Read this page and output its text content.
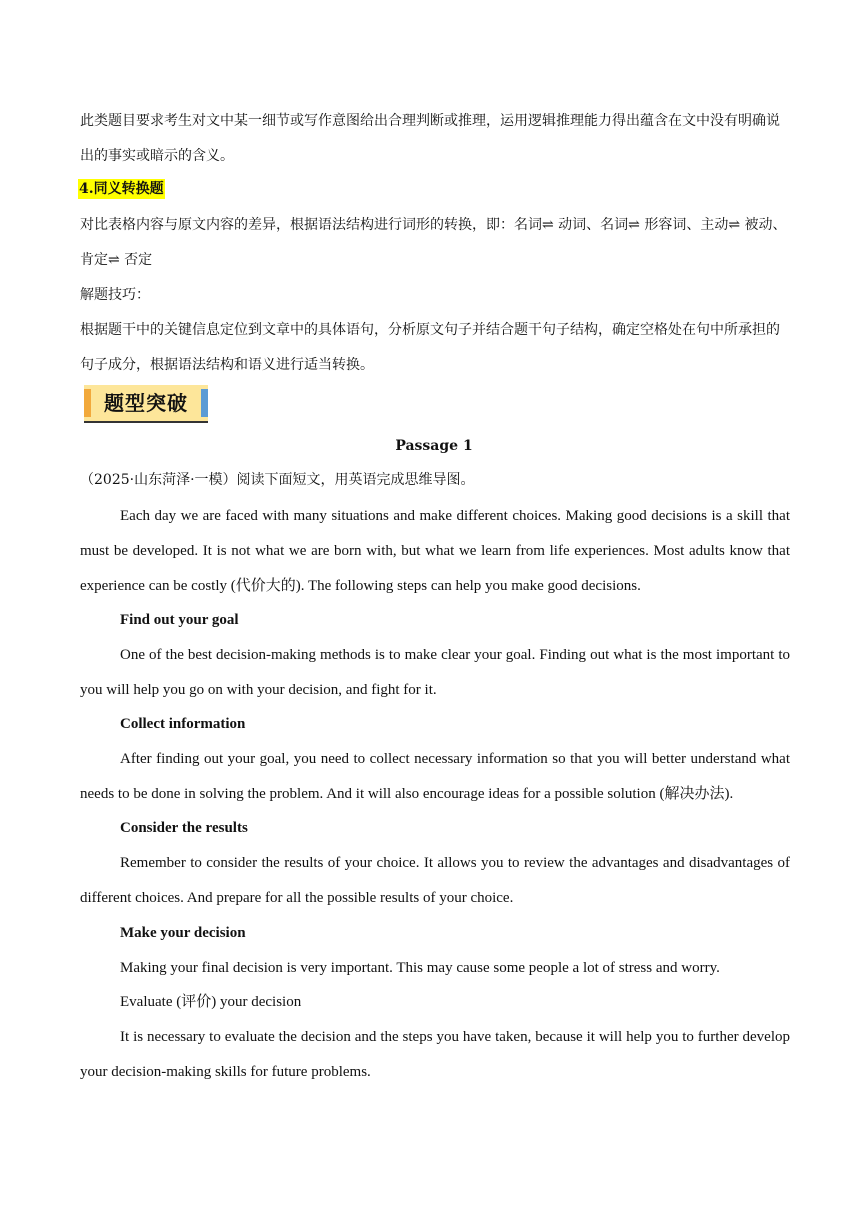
此类题目要求考生对文中某一细节或写作意图给出合理判断或推理，运用逻辑推理能力得出蕴含在文中没有明确说出的事实或暗示的含义。

4.同义转换题

对比表格内容与原文内容的差异，根据语法结构进行词形的转换，即：名词⇌ 动词、名词⇌ 形容词、主动⇌ 被动、肯定⇌ 否定

解题技巧：

根据题干中的关键信息定位到文章中的具体语句，分析原文句子并结合题干句子结构，确定空格处在句中所承担的句子成分，根据语法结构和语义进行适当转换。

题型突破
Passage 1

（2025·山东菏泽·一模）阅读下面短文，用英语完成思维导图。

Each day we are faced with many situations and make different choices. Making good decisions is a skill that must be developed. It is not what we are born with, but what we learn from life experiences. Most adults know that experience can be costly (代价大的). The following steps can help you make good decisions.

Find out your goal

One of the best decision-making methods is to make clear your goal. Finding out what is the most important to you will help you go on with your decision, and fight for it.

Collect information

After finding out your goal, you need to collect necessary information so that you will better understand what needs to be done in solving the problem. And it will also encourage ideas for a possible solution (解决办法).

Consider the results

Remember to consider the results of your choice. It allows you to review the advantages and disadvantages of different choices. And prepare for all the possible results of your choice.

Make your decision

Making your final decision is very important. This may cause some people a lot of stress and worry.

Evaluate (评价) your decision

It is necessary to evaluate the decision and the steps you have taken, because it will help you to further develop your decision-making skills for future problems.
